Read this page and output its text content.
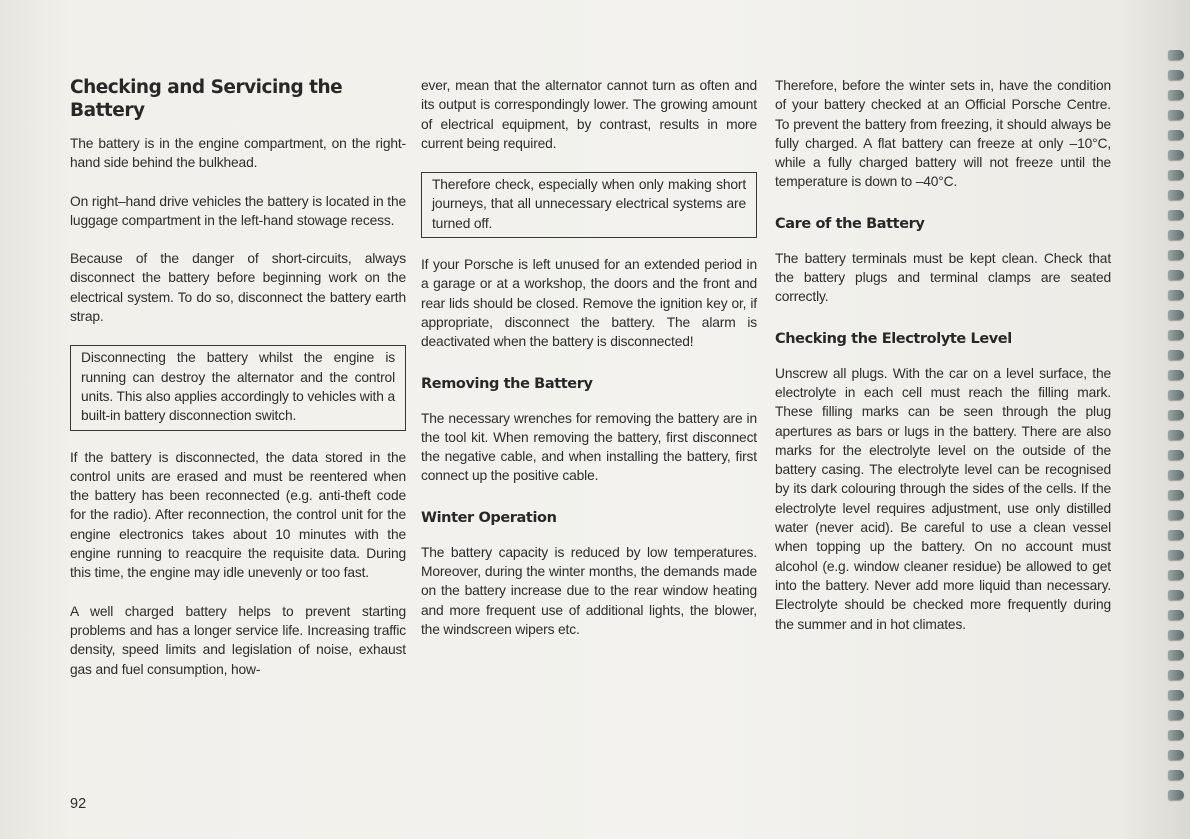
Checking and Servicing the Battery

The battery is in the engine compartment, on the right-hand side behind the bulkhead.

On right–hand drive vehicles the battery is located in the luggage compartment in the left-hand stowage recess.

Because of the danger of short-circuits, always disconnect the battery before beginning work on the electrical system. To do so, disconnect the battery earth strap.

Disconnecting the battery whilst the engine is running can destroy the alternator and the control units. This also applies accordingly to vehicles with a built-in battery disconnection switch.

If the battery is disconnected, the data stored in the control units are erased and must be reentered when the battery has been reconnected (e.g. anti-theft code for the radio). After reconnection, the control unit for the engine electronics takes about 10 minutes with the engine running to reacquire the requisite data. During this time, the engine may idle unevenly or too fast.

A well charged battery helps to prevent starting problems and has a longer service life. Increasing traffic density, speed limits and legislation of noise, exhaust gas and fuel consumption, how-

ever, mean that the alternator cannot turn as often and its output is correspondingly lower. The growing amount of electrical equipment, by contrast, results in more current being required.

Therefore check, especially when only making short journeys, that all unnecessary electrical systems are turned off.

If your Porsche is left unused for an extended period in a garage or at a workshop, the doors and the front and rear lids should be closed. Remove the ignition key or, if appropriate, disconnect the battery. The alarm is deactivated when the battery is disconnected!

Removing the Battery

The necessary wrenches for removing the battery are in the tool kit. When removing the battery, first disconnect the negative cable, and when installing the battery, first connect up the positive cable.

Winter Operation

The battery capacity is reduced by low temperatures. Moreover, during the winter months, the demands made on the battery increase due to the rear window heating and more frequent use of additional lights, the blower, the windscreen wipers etc.

Therefore, before the winter sets in, have the condition of your battery checked at an Official Porsche Centre. To prevent the battery from freezing, it should always be fully charged. A flat battery can freeze at only –10°C, while a fully charged battery will not freeze until the temperature is down to –40°C.

Care of the Battery

The battery terminals must be kept clean. Check that the battery plugs and terminal clamps are seated correctly.

Checking the Electrolyte Level

Unscrew all plugs. With the car on a level surface, the electrolyte in each cell must reach the filling mark. These filling marks can be seen through the plug apertures as bars or lugs in the battery. There are also marks for the electrolyte level on the outside of the battery casing. The electrolyte level can be recognised by its dark colouring through the sides of the cells. If the electrolyte level requires adjustment, use only distilled water (never acid). Be careful to use a clean vessel when topping up the battery. On no account must alcohol (e.g. window cleaner residue) be allowed to get into the battery. Never add more liquid than necessary. Electrolyte should be checked more frequently during the summer and in hot climates.

92
